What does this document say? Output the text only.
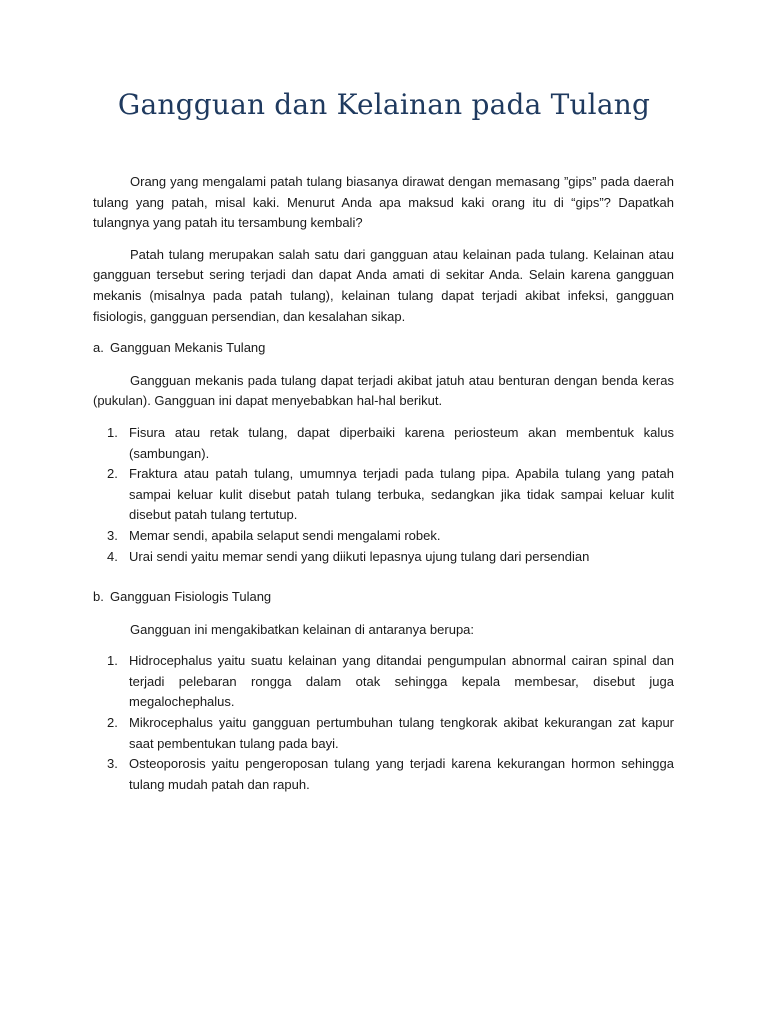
Gangguan dan Kelainan pada Tulang

Orang yang mengalami patah tulang biasanya dirawat dengan memasang ”gips” pada daerah tulang yang patah, misal kaki. Menurut Anda apa maksud kaki orang itu di “gips”? Dapatkah tulangnya yang patah itu tersambung kembali?

Patah tulang merupakan salah satu dari gangguan atau kelainan pada tulang. Kelainan atau gangguan tersebut sering terjadi dan dapat Anda amati di sekitar Anda. Selain karena gangguan mekanis (misalnya pada patah tulang), kelainan tulang dapat terjadi akibat infeksi, gangguan fisiologis, gangguan persendian, dan kesalahan sikap.

a. Gangguan Mekanis Tulang

Gangguan mekanis pada tulang dapat terjadi akibat jatuh atau benturan dengan benda keras (pukulan). Gangguan ini dapat menyebabkan hal-hal berikut.

1. Fisura atau retak tulang, dapat diperbaiki karena periosteum akan membentuk kalus (sambungan).
2. Fraktura atau patah tulang, umumnya terjadi pada tulang pipa. Apabila tulang yang patah sampai keluar kulit disebut patah tulang terbuka, sedangkan jika tidak sampai keluar kulit disebut patah tulang tertutup.
3. Memar sendi, apabila selaput sendi mengalami robek.
4. Urai sendi yaitu memar sendi yang diikuti lepasnya ujung tulang dari persendian

b. Gangguan Fisiologis Tulang

Gangguan ini mengakibatkan kelainan di antaranya berupa:

1. Hidrocephalus yaitu suatu kelainan yang ditandai pengumpulan abnormal cairan spinal dan terjadi pelebaran rongga dalam otak sehingga kepala membesar, disebut juga megalochephalus.
2. Mikrocephalus yaitu gangguan pertumbuhan tulang tengkorak akibat kekurangan zat kapur saat pembentukan tulang pada bayi.
3. Osteoporosis yaitu pengeroposan tulang yang terjadi karena kekurangan hormon sehingga tulang mudah patah dan rapuh.
